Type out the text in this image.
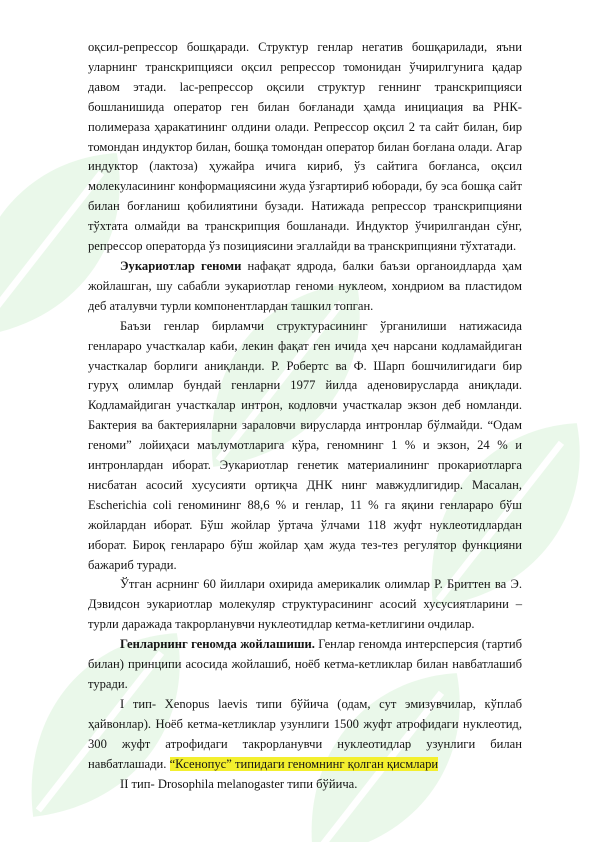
оқсил-репрессор бошқаради. Структур генлар негатив бошқарилади, яъни уларнинг транскрипцияси оқсил репрессор томонидан ўчирилгунига қадар давом этади. lac-репрессор оқсили структур геннинг транскрипцияси бошланишида оператор ген билан боғланади ҳамда инициация ва РНК-полимераза ҳаракатининг олдини олади. Репрессор оқсил 2 та сайт билан, бир томондан индуктор билан, бошқа томондан оператор билан боғлана олади. Агар индуктор (лактоза) ҳужайра ичига кириб, ўз сайтига боғланса, оқсил молекуласининг конформациясини жуда ўзгартириб юборади, бу эса бошқа сайт билан боғланиш қобилиятини бузади. Натижада репрессор транскрипцияни тўхтата олмайди ва транскрипция бошланади. Индуктор ўчирилгандан сўнг, репрессор операторда ўз позициясини эгаллайди ва транскрипцияни тўхтатади.

Эукариотлар геноми нафақат ядрода, балки баъзи органоидларда ҳам жойлашган, шу сабабли эукариотлар геноми нуклеом, хондриом ва пластидом деб аталувчи турли компонентлардан ташкил топган.

Баъзи генлар бирламчи структурасининг ўрганилиши натижасида генлараро участкалар каби, лекин фақат ген ичида ҳеч нарсани кодламайдиган участкалар борлиги аниқланди. Р. Робертс ва Ф. Шарп бошчилигидаги бир гуруҳ олимлар бундай генларни 1977 йилда аденовирусларда аниқлади. Кодламайдиган участкалар интрон, кодловчи участкалар экзон деб номланди. Бактерия ва бактерияларни зараловчи вирусларда интронлар бўлмайди. “Одам геноми” лойиҳаси маълумотларига кўра, геномнинг 1 % и экзон, 24 % и интронлардан иборат. Эукариотлар генетик материалининг прокариотларга нисбатан асосий хусусияти ортиқча ДНК нинг мавжудлигидир. Масалан, Escherichia coli геномининг 88,6 % и генлар, 11 % га яқини генлараро бўш жойлардан иборат. Бўш жойлар ўртача ўлчами 118 жуфт нуклеотидлардан иборат. Бироқ генлараро бўш жойлар ҳам жуда тез-тез регулятор функцияни бажариб туради.

Ўтган асрнинг 60 йиллари охирида америкалик олимлар Р. Бриттен ва Э. Дэвидсон эукариотлар молекуляр структурасининг асосий хусусиятларини –турли даражада такрорланувчи нуклеотидлар кетма-кетлигини очдилар.

Генларнинг геномда жойлашиши. Генлар геномда интерсперсия (тартиб билан) принципи асосида жойлашиб, ноёб кетма-кетликлар билан навбатлашиб туради.

I тип- Xenopus laevis типи бўйича (одам, сут эмизувчилар, кўплаб ҳайвонлар). Ноёб кетма-кетликлар узунлиги 1500 жуфт атрофидаги нуклеотид, 300 жуфт атрофидаги такрорланувчи нуклеотидлар узунлиги билан навбатлашади. “Ксенопус” типидаги геномнинг қолган қисмлари

II тип- Drosophila melanogaster типи бўйича.
